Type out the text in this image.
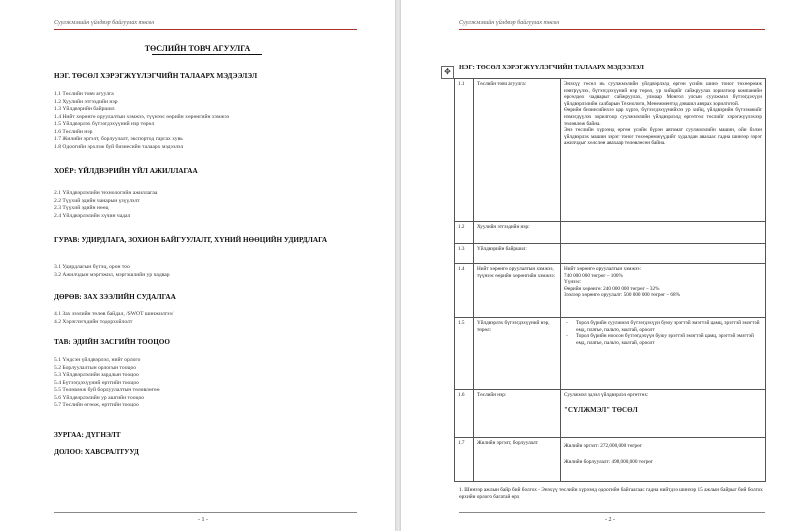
Суулжмэлийн үйлдвэр байгуулах төсөл
ТӨСЛИЙН ТОВЧ АГУУЛГА
НЭГ. ТӨСӨЛ ХЭРЭГЖҮҮЛЭГЧИЙН ТАЛААРХ МЭДЭЭЛЭЛ
1.1 Төслийн товч агуулга
1.2 Хуулийн этгээдийн нэр
1.3 Үйлдвэрийн байршил
1.4 Нийт хөрөнгө оруулалтын хэмжээ, түүнээс өөрийн хөрөнгийн хэмжээ
1.5 Үйлдвэрлэх бүтээгдэхүүний нэр төрөл
1.6 Төслийн нэр
1.7 Жилийн эргэлт, борлуулалт, экспортод гаргах хувь
1.8 Одоогийн эрхлэж буй бизнесийн талаарх мэдээлэл
ХОЁР: ҮЙЛДВЭРИЙН ҮЙЛ АЖИЛЛАГАА
2.1 Үйлдвэрлэлийн технологийн ажиллагаа
2.2 Түүхий эдийн чанарын үзүүлэлт
2.3 Түүхий эдийн нөөц
2.4 Үйлдвэрлэлийн хүчин чадал
ГУРАВ: УДИРДЛАГА, ЗОХИОН БАЙГУУЛАЛТ, ХҮНИЙ НӨӨЦИЙН УДИРДЛАГА
3.1 Удирдлагын бүтэц, орон тоо
3.2 Ажилчдын мэргэжил, мэргэшлийн ур чадвар
ДӨРӨВ: ЗАХ ЗЭЭЛИЙН СУДАЛГАА
4.1 Зах зээлийн төлөв байдал, /SWOT шинжилгээ/
4.2 Хэрэглэгчдийн тодорхойлолт
ТАВ: ЭДИЙН ЗАСГИЙН ТООЦОО
5.1 Үндсэн үйлдвэрлэл, нийт орлого
5.2 Борлуулалтын орлогын тооцоо
5.3 Үйлдвэрлэлийн зардлын тооцоо
5.4 Бүтээгдэхүүний өртгийн тооцоо
5.5 Төлөвлөж буй борлуулалтын төлөвлөгөө
5.6 Үйлдвэрлэлийн ур ашгийн тооцоо
5.7 Төслийн өгөөж, өртгийн тооцоо
ЗУРГАА: ДҮГНЭЛТ
ДОЛОО: ХАВСРАЛТУУД
- 1 -
Суулжмэлийн үйлдвэр байгуулах төсөл
✥	НЭГ: ТӨСӨЛ ХЭРЭГЖҮҮЛЭГЧИЙН ТАЛААРХ МЭДЭЭЛЭЛ
1.1	Төслийн товч агуулга:	Энэхүү төсөл нь суулжмэлийн үйлдвэрлэлд өргөн үсийн шинэ тоног төхөөрөмж нэвтрүүлэх, бүтээгдэхүүний нэр төрөл, ур хийцийг сайжруулах зорилгоор компанийн өрсөлдөх чадварыг сайжруулах, улмаар Монгол улсын суулжмэл бүтээгдэхүүн үйлдвэрлэлийн салбарын Технологи, Менежментэд дэвшил авчрах зорилготой.
Өөрийн бизнесийнхээ цар хүрээ, бүтээгдэхүүнийхээ ур хийц, үйлдвэрийн бүтээмжийг нэмэгдүүлэх зорилгоор суулжмэлийн үйлдвэрлэлд өргөтгөл төслийг хэрэгжүүлэхээр төлөвлөж байна.
Энэ төслийн хүрээнд өргөн үсийн бүрэн автомат суулжмэлийн машин, ойн бэлэн үйлдвэрлэх машин зэрэг тоног төхөөрөмжүүдийг худалдан авахаас гадна шинээр зэрэг ажилчдыг хөлслөн авахаар төлөвлөсөн байна.

1.2	Хуулийн этгээдийн нэр:	
1.3	Үйлдвэрийн байршил:	
1.4	Нийт хөрөнгө оруулалтын хэмжээ, түүнээс өөрийн хөрөнгийн хэмжээ:	Нийт хөрөнгө оруулалтын хэмжээ:
740 000 000 төгрөг – 100%
Үүнээс:
Өөрийн хөрөнгө: 240 000 000 төгрөг – 32%
Зээлээр хөрөнгө оруулалт: 500 000 000 төгрөг – 68%

1.5	Үйлдвэрлэх бүтээгдэхүүний нэр, төрөл:	- Торол бүрийн суулжмэл бүтээгдэхүүн буюу эрэгтэй эмэгтэй цамц, эрэгтэй эмэгтэй өмд, платье, пальто, малгай, ороолт
- Торол бүрийн ноосон бүтээгдэхүүн буюу эрэгтэй эмэгтэй цамц, эрэгтэй эмэгтэй өмд, платье, пальто, малгай, ороолт

1.6	Төслийн нэр:	Суулжмэл эдлэл үйлдвэрлэл өргөтгөх:
"СҮЛЖМЭЛ" ТӨСӨЛ

1.7	Жилийн эргэлт, борлуулалт	Жилийн эргэлт: 272,000,000 төгрөг
Жилийн борлуулалт: 498,000,000 төгрөг
1. Шинээр ажлын байр бий болгох - Энэхүү төслийн хүрээнд одоогийн байгаагаас гадна нийтдээ шинээр 15 ажлын байрыг бий болгох өрхийн орлого багатай өрх
- 2 -
